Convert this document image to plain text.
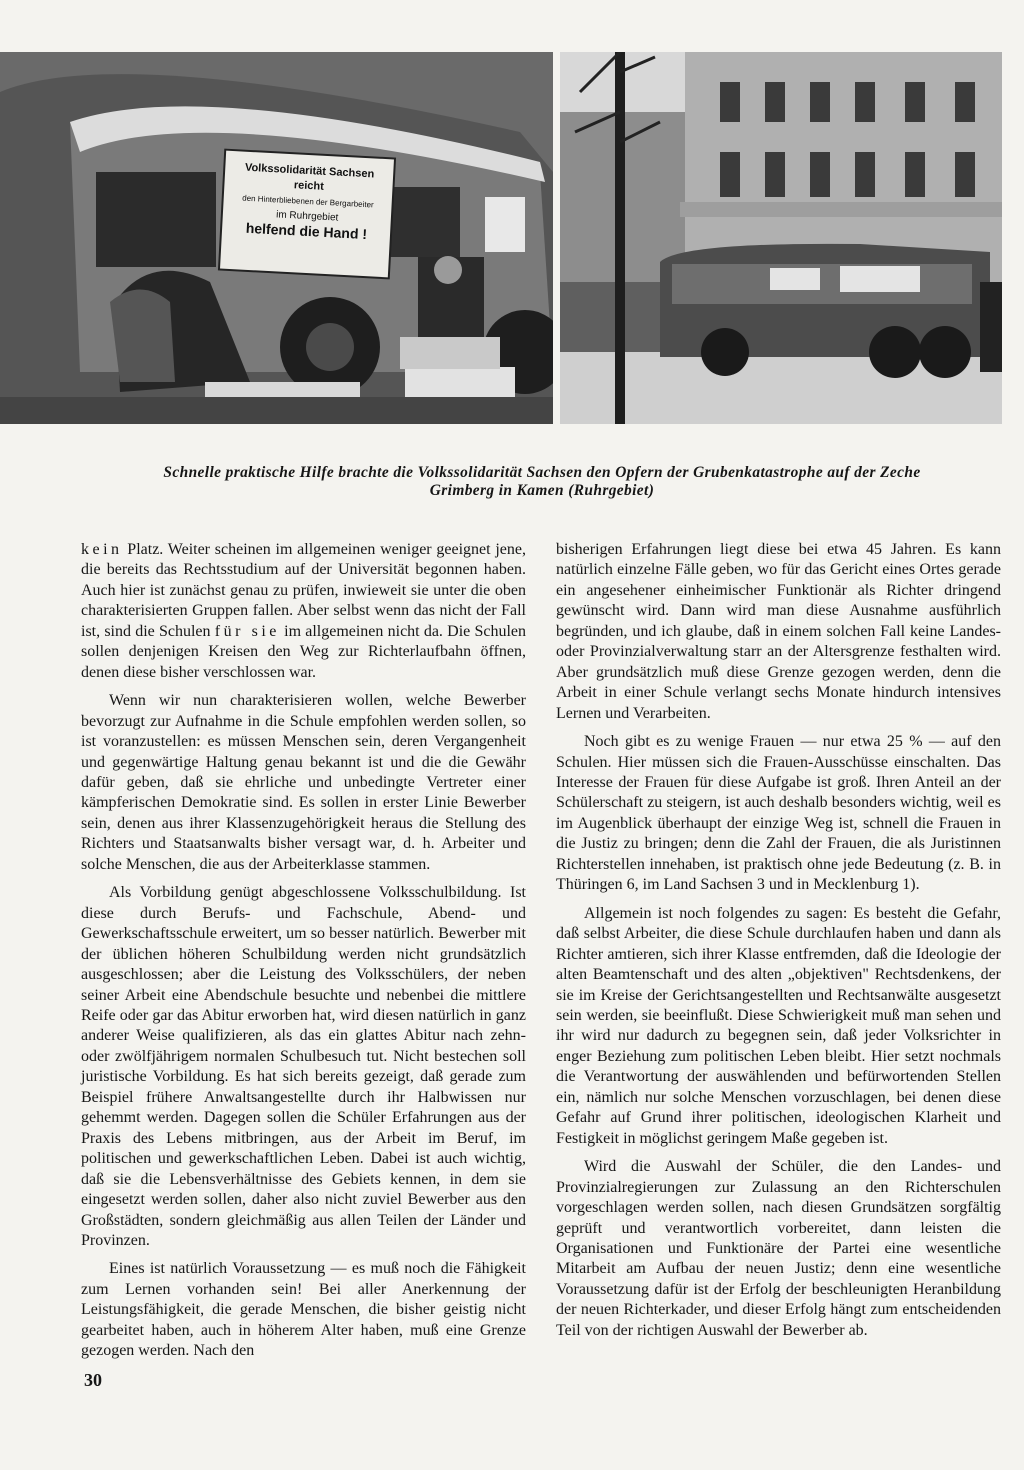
Volkssolidarität Sachsen reicht
den Hinterbliebenen der Bergarbeiter
im Ruhrgebiet
helfend die Hand !

Schnelle praktische Hilfe brachte die Volkssolidarität Sachsen den Opfern der Grubenkatastrophe auf der Zeche
Grimberg in Kamen (Ruhrgebiet)

kein Platz. Weiter scheinen im allgemeinen weniger geeignet jene, die bereits das Rechtsstudium auf der Universität begonnen haben. Auch hier ist zunächst genau zu prüfen, inwieweit sie unter die oben charakterisierten Gruppen fallen. Aber selbst wenn das nicht der Fall ist, sind die Schulen für sie im allgemeinen nicht da. Die Schulen sollen denjenigen Kreisen den Weg zur Richterlaufbahn öffnen, denen diese bisher verschlossen war.

Wenn wir nun charakterisieren wollen, welche Bewerber bevorzugt zur Aufnahme in die Schule empfohlen werden sollen, so ist voranzustellen: es müssen Menschen sein, deren Vergangenheit und gegenwärtige Haltung genau bekannt ist und die die Gewähr dafür geben, daß sie ehrliche und unbedingte Vertreter einer kämpferischen Demokratie sind. Es sollen in erster Linie Bewerber sein, denen aus ihrer Klassenzugehörigkeit heraus die Stellung des Richters und Staatsanwalts bisher versagt war, d. h. Arbeiter und solche Menschen, die aus der Arbeiterklasse stammen.

Als Vorbildung genügt abgeschlossene Volksschulbildung. Ist diese durch Berufs- und Fachschule, Abend- und Gewerkschaftsschule erweitert, um so besser natürlich. Bewerber mit der üblichen höheren Schulbildung werden nicht grundsätzlich ausgeschlossen; aber die Leistung des Volksschülers, der neben seiner Arbeit eine Abendschule besuchte und nebenbei die mittlere Reife oder gar das Abitur erworben hat, wird diesen natürlich in ganz anderer Weise qualifizieren, als das ein glattes Abitur nach zehn- oder zwölfjährigem normalen Schulbesuch tut. Nicht bestechen soll juristische Vorbildung. Es hat sich bereits gezeigt, daß gerade zum Beispiel frühere Anwaltsangestellte durch ihr Halbwissen nur gehemmt werden. Dagegen sollen die Schüler Erfahrungen aus der Praxis des Lebens mitbringen, aus der Arbeit im Beruf, im politischen und gewerkschaftlichen Leben. Dabei ist auch wichtig, daß sie die Lebensverhältnisse des Gebiets kennen, in dem sie eingesetzt werden sollen, daher also nicht zuviel Bewerber aus den Großstädten, sondern gleichmäßig aus allen Teilen der Länder und Provinzen.

Eines ist natürlich Voraussetzung — es muß noch die Fähigkeit zum Lernen vorhanden sein! Bei aller Anerkennung der Leistungsfähigkeit, die gerade Menschen, die bisher geistig nicht gearbeitet haben, auch in höherem Alter haben, muß eine Grenze gezogen werden. Nach den

bisherigen Erfahrungen liegt diese bei etwa 45 Jahren. Es kann natürlich einzelne Fälle geben, wo für das Gericht eines Ortes gerade ein angesehener einheimischer Funktionär als Richter dringend gewünscht wird. Dann wird man diese Ausnahme ausführlich begründen, und ich glaube, daß in einem solchen Fall keine Landes- oder Provinzialverwaltung starr an der Altersgrenze festhalten wird. Aber grundsätzlich muß diese Grenze gezogen werden, denn die Arbeit in einer Schule verlangt sechs Monate hindurch intensives Lernen und Verarbeiten.

Noch gibt es zu wenige Frauen — nur etwa 25 % — auf den Schulen. Hier müssen sich die Frauen-Ausschüsse einschalten. Das Interesse der Frauen für diese Aufgabe ist groß. Ihren Anteil an der Schülerschaft zu steigern, ist auch deshalb besonders wichtig, weil es im Augenblick überhaupt der einzige Weg ist, schnell die Frauen in die Justiz zu bringen; denn die Zahl der Frauen, die als Juristinnen Richterstellen innehaben, ist praktisch ohne jede Bedeutung (z. B. in Thüringen 6, im Land Sachsen 3 und in Mecklenburg 1).

Allgemein ist noch folgendes zu sagen: Es besteht die Gefahr, daß selbst Arbeiter, die diese Schule durchlaufen haben und dann als Richter amtieren, sich ihrer Klasse entfremden, daß die Ideologie der alten Beamtenschaft und des alten „objektiven" Rechtsdenkens, der sie im Kreise der Gerichtsangestellten und Rechtsanwälte ausgesetzt sein werden, sie beeinflußt. Diese Schwierigkeit muß man sehen und ihr wird nur dadurch zu begegnen sein, daß jeder Volksrichter in enger Beziehung zum politischen Leben bleibt. Hier setzt nochmals die Verantwortung der auswählenden und befürwortenden Stellen ein, nämlich nur solche Menschen vorzuschlagen, bei denen diese Gefahr auf Grund ihrer politischen, ideologischen Klarheit und Festigkeit in möglichst geringem Maße gegeben ist.

Wird die Auswahl der Schüler, die den Landes- und Provinzialregierungen zur Zulassung an den Richterschulen vorgeschlagen werden sollen, nach diesen Grundsätzen sorgfältig geprüft und verantwortlich vorbereitet, dann leisten die Organisationen und Funktionäre der Partei eine wesentliche Mitarbeit am Aufbau der neuen Justiz; denn eine wesentliche Voraussetzung dafür ist der Erfolg der beschleunigten Heranbildung der neuen Richterkader, und dieser Erfolg hängt zum entscheidenden Teil von der richtigen Auswahl der Bewerber ab.

30
